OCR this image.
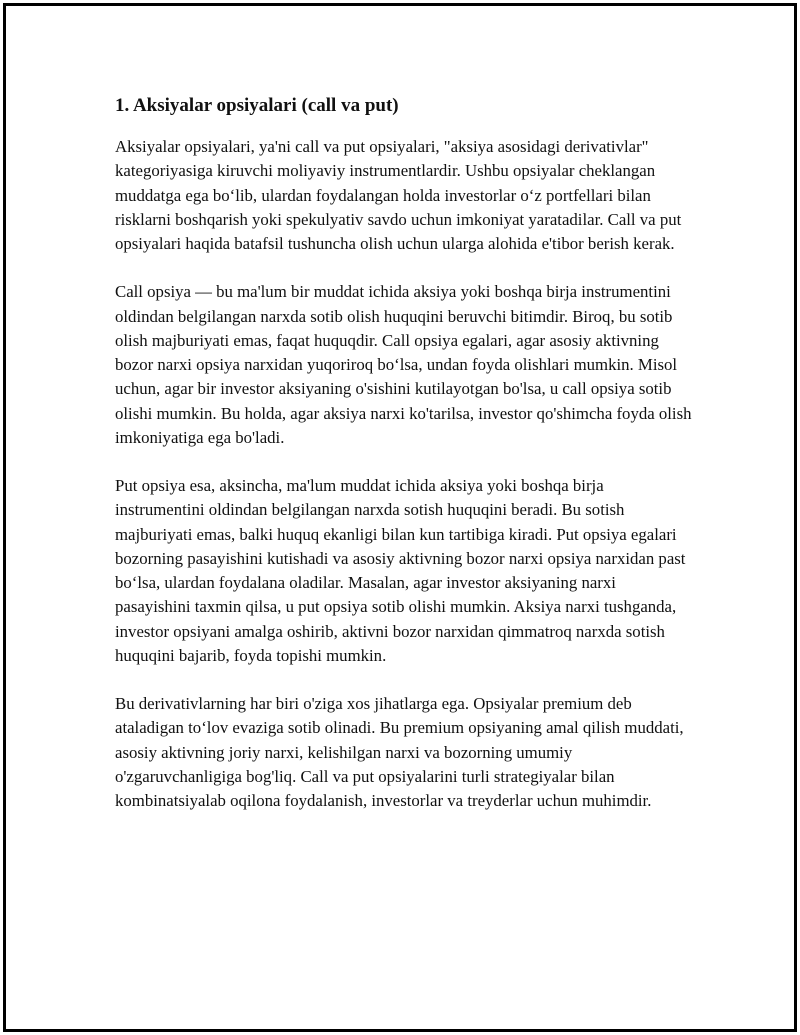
1. Aksiyalar opsiyalari (call va put)

Aksiyalar opsiyalari, ya'ni call va put opsiyalari, "aksiya asosidagi derivativlar" kategoriyasiga kiruvchi moliyaviy instrumentlardir. Ushbu opsiyalar cheklangan muddatga ega boʻlib, ulardan foydalangan holda investorlar oʻz portfellari bilan risklarni boshqarish yoki spekulyativ savdo uchun imkoniyat yaratadilar. Call va put opsiyalari haqida batafsil tushuncha olish uchun ularga alohida e'tibor berish kerak.

Call opsiya — bu ma'lum bir muddat ichida aksiya yoki boshqa birja instrumentini oldindan belgilangan narxda sotib olish huquqini beruvchi bitimdir. Biroq, bu sotib olish majburiyati emas, faqat huquqdir. Call opsiya egalari, agar asosiy aktivning bozor narxi opsiya narxidan yuqoriroq boʻlsa, undan foyda olishlari mumkin. Misol uchun, agar bir investor aksiyaning o'sishini kutilayotgan bo'lsa, u call opsiya sotib olishi mumkin. Bu holda, agar aksiya narxi ko'tarilsa, investor qo'shimcha foyda olish imkoniyatiga ega bo'ladi.

Put opsiya esa, aksincha, ma'lum muddat ichida aksiya yoki boshqa birja instrumentini oldindan belgilangan narxda sotish huquqini beradi. Bu sotish majburiyati emas, balki huquq ekanligi bilan kun tartibiga kiradi. Put opsiya egalari bozorning pasayishini kutishadi va asosiy aktivning bozor narxi opsiya narxidan past boʻlsa, ulardan foydalana oladilar. Masalan, agar investor aksiyaning narxi pasayishini taxmin qilsa, u put opsiya sotib olishi mumkin. Aksiya narxi tushganda, investor opsiyani amalga oshirib, aktivni bozor narxidan qimmatroq narxda sotish huquqini bajarib, foyda topishi mumkin.

Bu derivativlarning har biri o'ziga xos jihatlarga ega. Opsiyalar premium deb ataladigan toʻlov evaziga sotib olinadi. Bu premium opsiyaning amal qilish muddati, asosiy aktivning joriy narxi, kelishilgan narxi va bozorning umumiy o'zgaruvchanligiga bog'liq. Call va put opsiyalarini turli strategiyalar bilan kombinatsiyalab oqilona foydalanish, investorlar va treyderlar uchun muhimdir.
